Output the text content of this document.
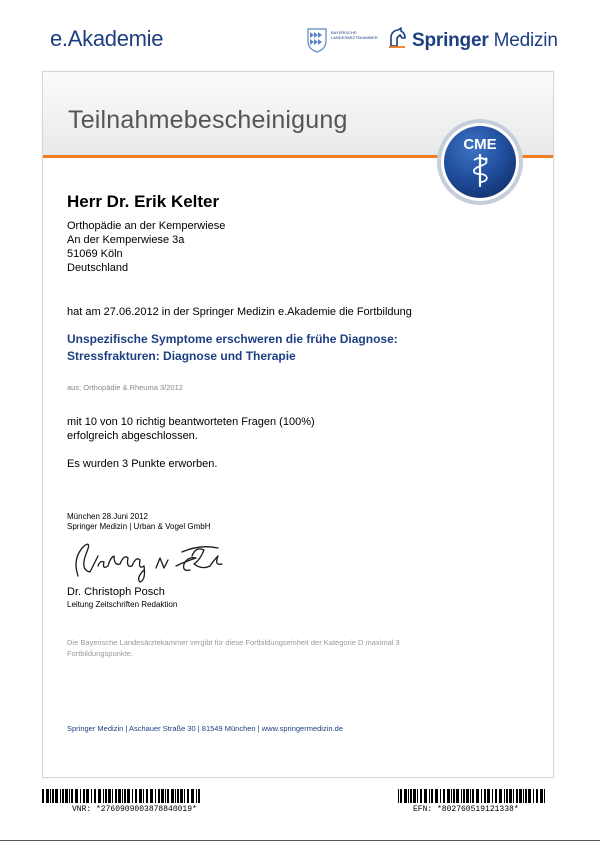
e.Akademie	BAYERISCHE LANDESÄRZTEKAMMER Springer Medizin
Teilnahmebescheinigung
CME
Herr Dr. Erik Kelter
Orthopädie an der Kemperwiese
An der Kemperwiese 3a
51069 Köln
Deutschland
hat am 27.06.2012 in der Springer Medizin e.Akademie die Fortbildung
Unspezifische Symptome erschweren die frühe Diagnose:
Stressfrakturen: Diagnose und Therapie
aus: Orthopädie & Rheuma 3/2012
mit 10 von 10 richtig beantworteten Fragen (100%)
erfolgreich abgeschlossen.
Es wurden 3 Punkte erworben.
München 28.Juni 2012
Springer Medizin | Urban & Vogel GmbH
Dr. Christoph Posch
Leitung Zeitschriften Redaktion
Die Bayerische Landesärztekammer vergibt für diese Fortbildungseinheit der Kategorie D maximal 3
Fortbildungspunkte.
Springer Medizin | Aschauer Straße 30 | 81549 München | www.springermedizin.de
VNR: *2760909003878840019*	EFN: *802760519121338*
